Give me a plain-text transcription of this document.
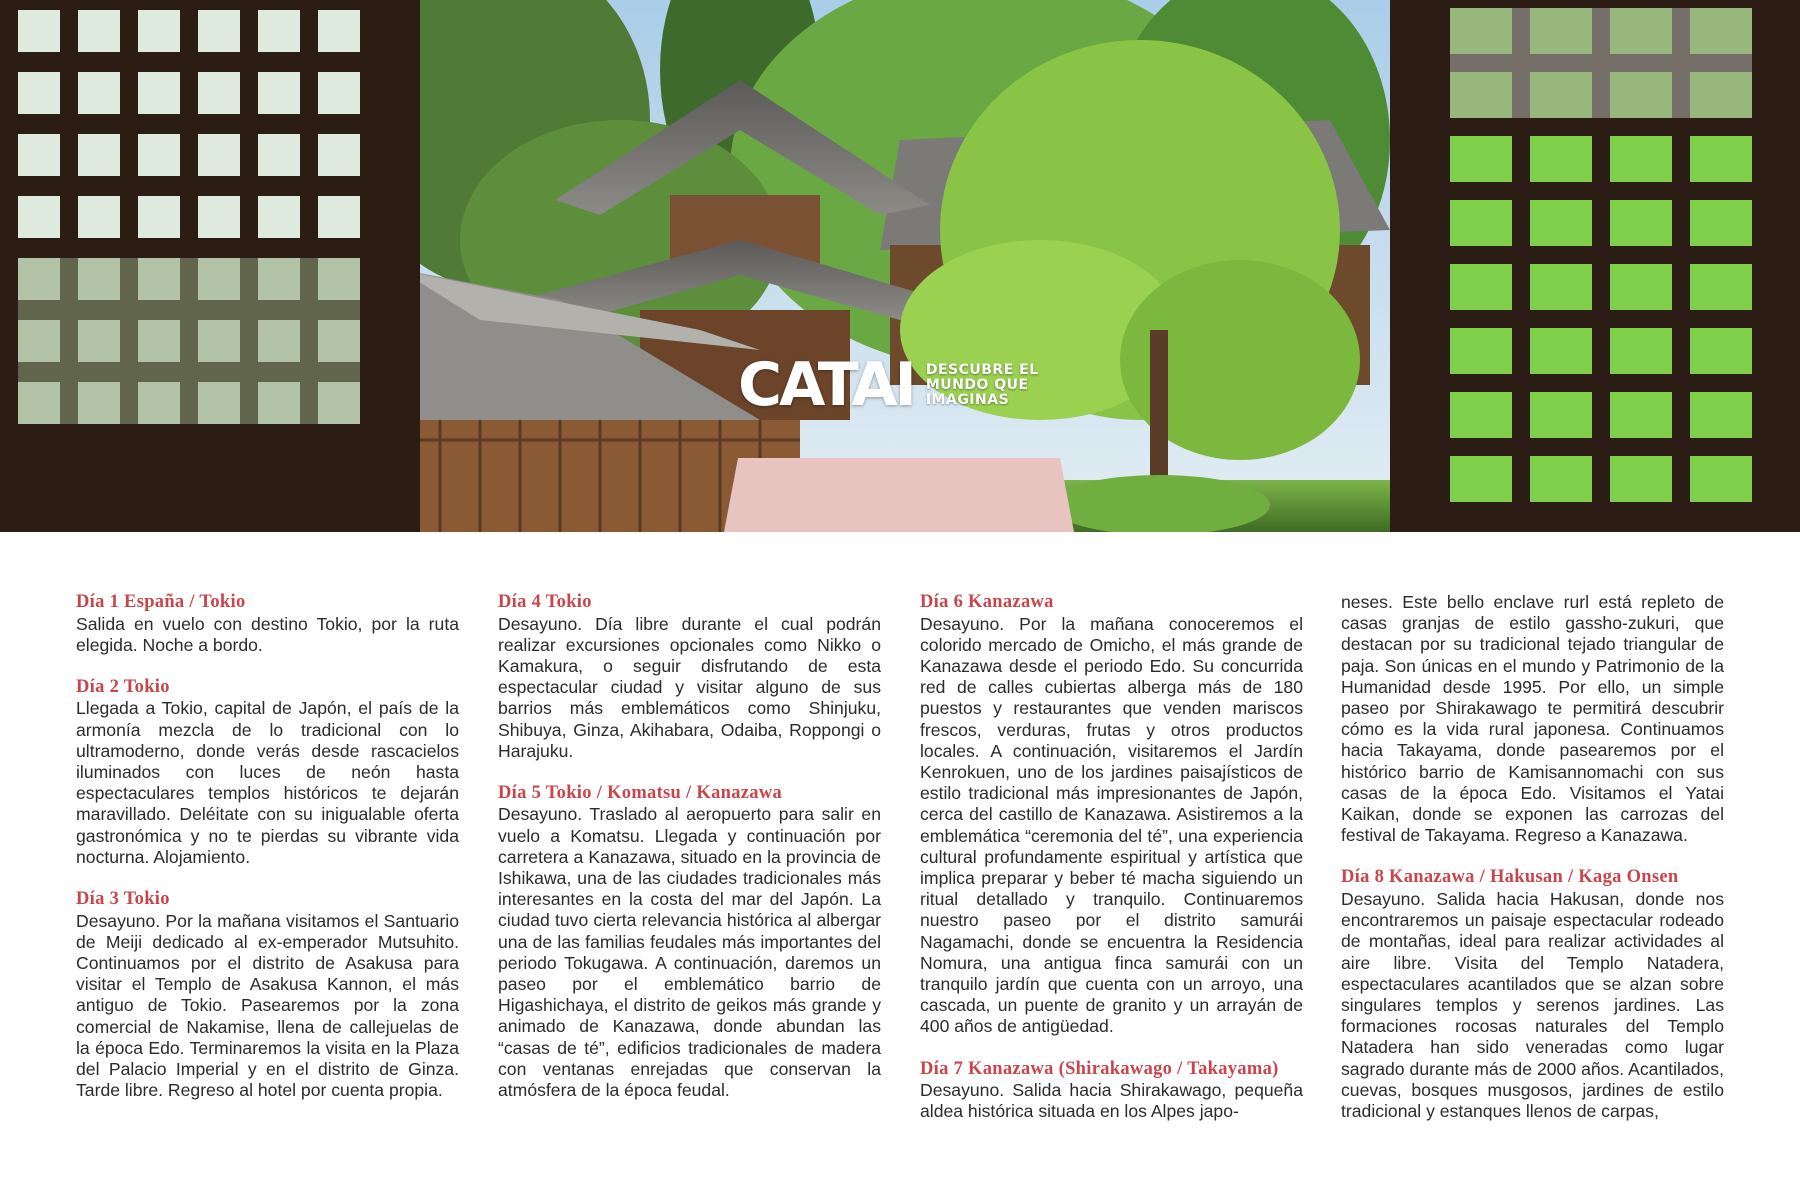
CATAI DESCUBRE EL
MUNDO QUE
IMAGINAS
Día 1 España / Tokio
Salida en vuelo con destino Tokio, por la ruta elegida. Noche a bordo.
Día 2 Tokio
Llegada a Tokio, capital de Japón, el país de la armonía mezcla de lo tradicional con lo ultramoderno, donde verás desde rascacielos iluminados con luces de neón hasta espectaculares templos históricos te dejarán maravillado. Deléitate con su inigualable oferta gastronómica y no te pierdas su vibrante vida nocturna. Alojamiento.
Día 3 Tokio
Desayuno. Por la mañana visitamos el Santuario de Meiji dedicado al ex-emperador Mutsuhito. Continuamos por el distrito de Asakusa para visitar el Templo de Asakusa Kannon, el más antiguo de Tokio. Pasearemos por la zona comercial de Nakamise, llena de callejuelas de la época Edo. Terminaremos la visita en la Plaza del Palacio Imperial y en el distrito de Ginza. Tarde libre. Regreso al hotel por cuenta propia.
Día 4 Tokio
Desayuno. Día libre durante el cual podrán realizar excursiones opcionales como Nikko o Kamakura, o seguir disfrutando de esta espectacular ciudad y visitar alguno de sus barrios más emblemáticos como Shinjuku, Shibuya, Ginza, Akihabara, Odaiba, Roppongi o Harajuku.
Día 5 Tokio / Komatsu / Kanazawa
Desayuno. Traslado al aeropuerto para salir en vuelo a Komatsu. Llegada y continuación por carretera a Kanazawa, situado en la provincia de Ishikawa, una de las ciudades tradicionales más interesantes en la costa del mar del Japón. La ciudad tuvo cierta relevancia histórica al albergar una de las familias feudales más importantes del periodo Tokugawa. A continuación, daremos un paseo por el emblemático barrio de Higashichaya, el distrito de geikos más grande y animado de Kanazawa, donde abundan las “casas de té”, edificios tradicionales de madera con ventanas enrejadas que conservan la atmósfera de la época feudal.
Día 6 Kanazawa
Desayuno. Por la mañana conoceremos el colorido mercado de Omicho, el más grande de Kanazawa desde el periodo Edo. Su concurrida red de calles cubiertas alberga más de 180 puestos y restaurantes que venden mariscos frescos, verduras, frutas y otros productos locales. A continuación, visitaremos el Jardín Kenrokuen, uno de los jardines paisajísticos de estilo tradicional más impresionantes de Japón, cerca del castillo de Kanazawa. Asistiremos a la emblemática “ceremonia del té”, una experiencia cultural profundamente espiritual y artística que implica preparar y beber té macha siguiendo un ritual detallado y tranquilo. Continuaremos nuestro paseo por el distrito samurái Nagamachi, donde se encuentra la Residencia Nomura, una antigua finca samurái con un tranquilo jardín que cuenta con un arroyo, una cascada, un puente de granito y un arrayán de 400 años de antigüedad.
Día 7 Kanazawa (Shirakawago / Takayama)
Desayuno. Salida hacia Shirakawago, pequeña aldea histórica situada en los Alpes japo-
neses. Este bello enclave rurl está repleto de casas granjas de estilo gassho-zukuri, que destacan por su tradicional tejado triangular de paja. Son únicas en el mundo y Patrimonio de la Humanidad desde 1995. Por ello, un simple paseo por Shirakawago te permitirá descubrir cómo es la vida rural japonesa. Continuamos hacia Takayama, donde pasearemos por el histórico barrio de Kamisannomachi con sus casas de la época Edo. Visitamos el Yatai Kaikan, donde se exponen las carrozas del festival de Takayama. Regreso a Kanazawa.
Día 8 Kanazawa / Hakusan / Kaga Onsen
Desayuno. Salida hacia Hakusan, donde nos encontraremos un paisaje espectacular rodeado de montañas, ideal para realizar actividades al aire libre. Visita del Templo Natadera, espectaculares acantilados que se alzan sobre singulares templos y serenos jardines. Las formaciones rocosas naturales del Templo Natadera han sido veneradas como lugar sagrado durante más de 2000 años. Acantilados, cuevas, bosques musgosos, jardines de estilo tradicional y estanques llenos de carpas,
